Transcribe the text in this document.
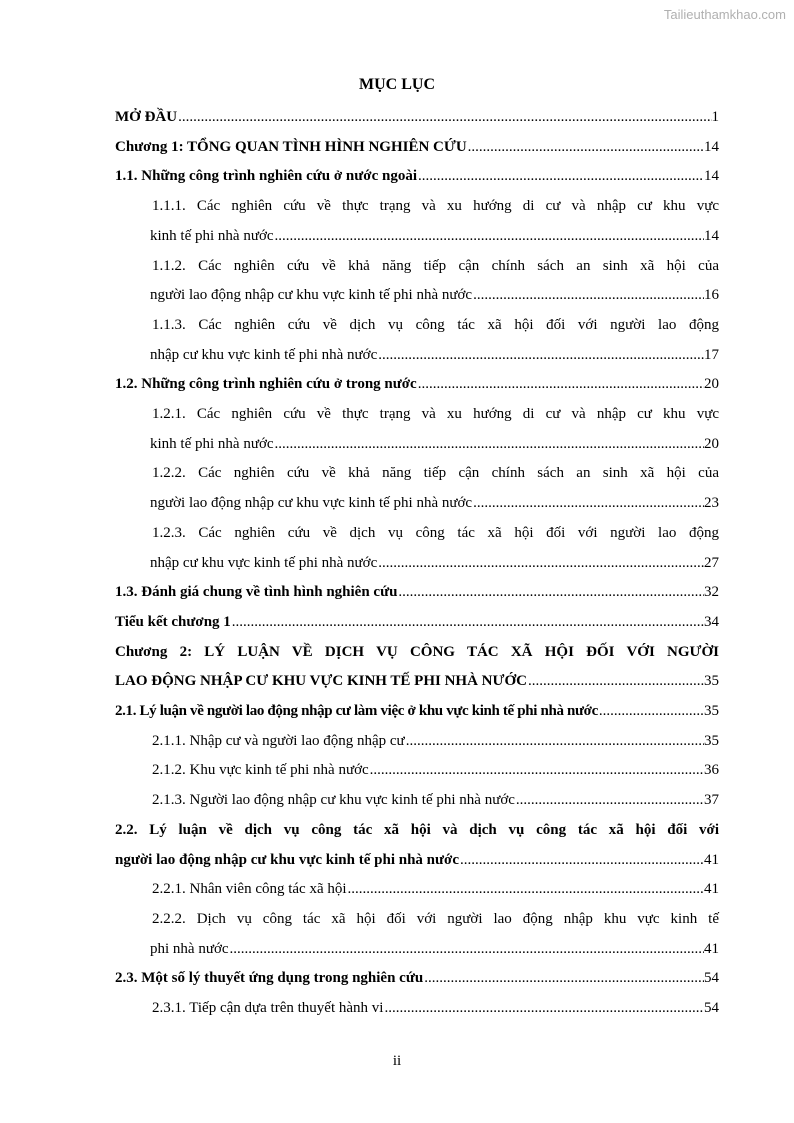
Tailieuthamkhao.com
MỤC LỤC
MỞ ĐẦU .....	1
Chương 1: TỔNG QUAN TÌNH HÌNH NGHIÊN CỨU .....	14
1.1. Những công trình nghiên cứu ở nước ngoài .....	14
1.1.1. Các nghiên cứu về thực trạng và xu hướng di cư và nhập cư khu vực
kinh tế phi nhà nước .....	14
1.1.2. Các nghiên cứu về khả năng tiếp cận chính sách an sinh xã hội của
người lao động nhập cư khu vực kinh tế phi nhà nước .....	16
1.1.3. Các nghiên cứu về dịch vụ công tác xã hội đối với người lao động
nhập cư khu vực kinh tế phi nhà nước .....	17
1.2. Những công trình nghiên cứu ở trong nước .....	20
1.2.1. Các nghiên cứu về thực trạng và xu hướng di cư và nhập cư khu vực
kinh tế phi nhà nước .....	20
1.2.2. Các nghiên cứu về khả năng tiếp cận chính sách an sinh xã hội của
người lao động nhập cư khu vực kinh tế phi nhà nước .....	23
1.2.3. Các nghiên cứu về dịch vụ công tác xã hội đối với người lao động
nhập cư khu vực kinh tế phi nhà nước .....	27
1.3. Đánh giá chung về tình hình nghiên cứu .....	32
Tiểu kết chương 1 .....	34
Chương 2: LÝ LUẬN VỀ DỊCH VỤ CÔNG TÁC XÃ HỘI ĐỐI VỚI NGƯỜI
LAO ĐỘNG NHẬP CƯ KHU VỰC KINH TẾ PHI NHÀ NƯỚC .....	35
2.1. Lý luận về người lao động nhập cư làm việc ở khu vực kinh tế phi nhà nước .....	35
2.1.1. Nhập cư và người lao động nhập cư .....	35
2.1.2. Khu vực kinh tế phi nhà nước .....	36
2.1.3. Người lao động nhập cư khu vực kinh tế phi nhà nước .....	37
2.2. Lý luận về dịch vụ công tác xã hội và dịch vụ công tác xã hội đối với
người lao động nhập cư khu vực kinh tế phi nhà nước .....	41
2.2.1. Nhân viên công tác xã hội .....	41
2.2.2. Dịch vụ công tác xã hội đối với người lao động nhập khu vực kinh tế
phi nhà nước .....	41
2.3. Một số lý thuyết ứng dụng trong nghiên cứu .....	54
2.3.1. Tiếp cận dựa trên thuyết hành vi .....	54
ii
